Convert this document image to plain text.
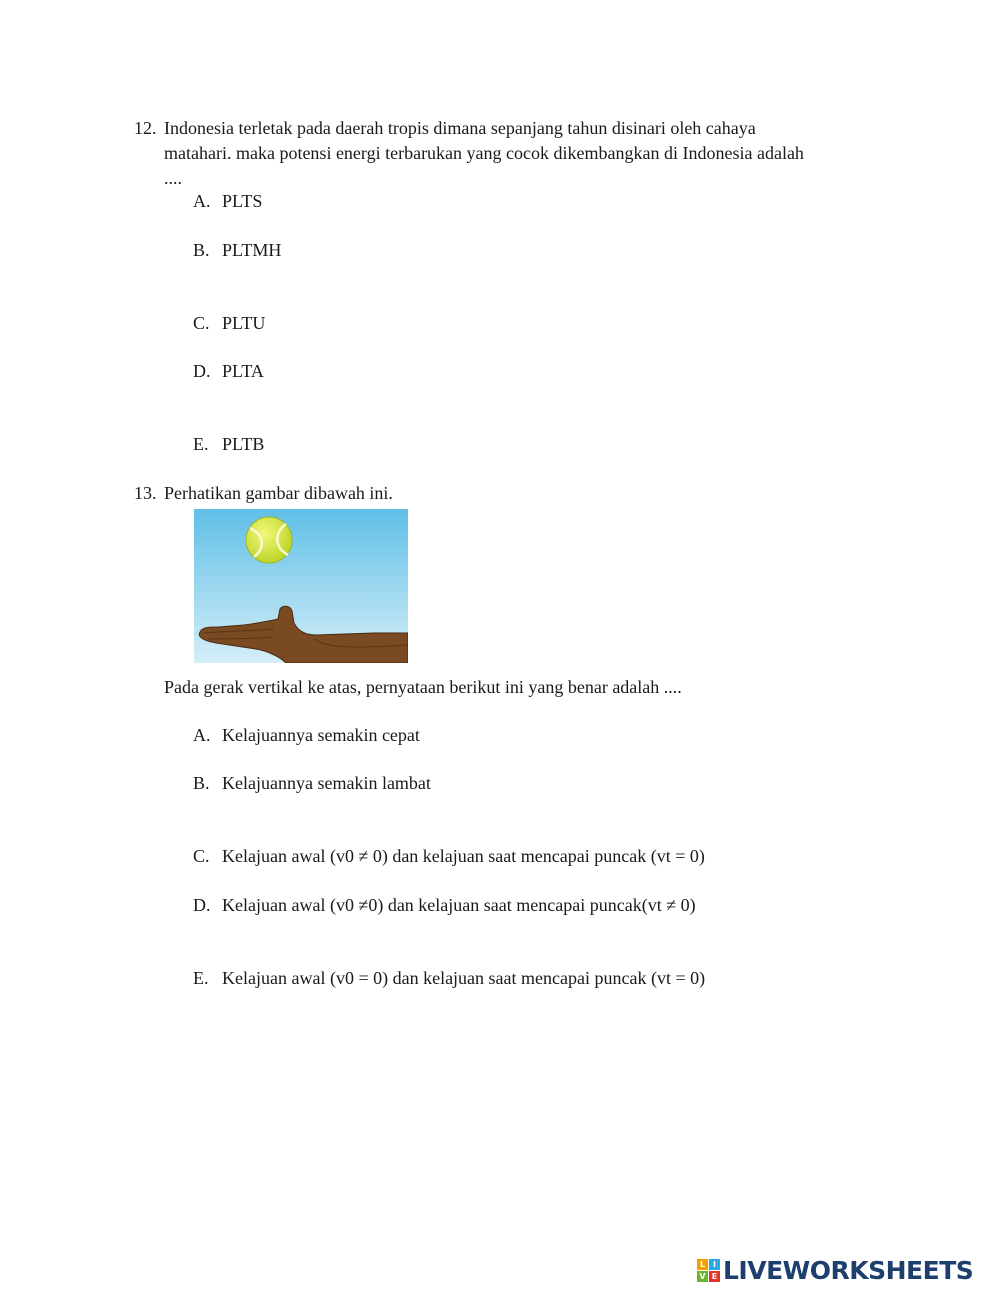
12. Indonesia terletak pada daerah tropis dimana sepanjang tahun disinari oleh cahaya
matahari. maka potensi energi terbarukan yang cocok dikembangkan di Indonesia adalah
....
A. PLTS
B. PLTMH
C. PLTU
D. PLTA
E. PLTB
13. Perhatikan gambar dibawah ini.
Pada gerak vertikal ke atas, pernyataan berikut ini yang benar adalah ....
A. Kelajuannya semakin cepat
B. Kelajuannya semakin lambat
C. Kelajuan awal (v0 ≠ 0) dan kelajuan saat mencapai puncak (vt = 0)
D. Kelajuan awal (v0 ≠0) dan kelajuan saat mencapai puncak(vt ≠ 0)
E. Kelajuan awal (v0 = 0) dan kelajuan saat mencapai puncak (vt = 0)
L I
V E LIVEWORKSHEETS
